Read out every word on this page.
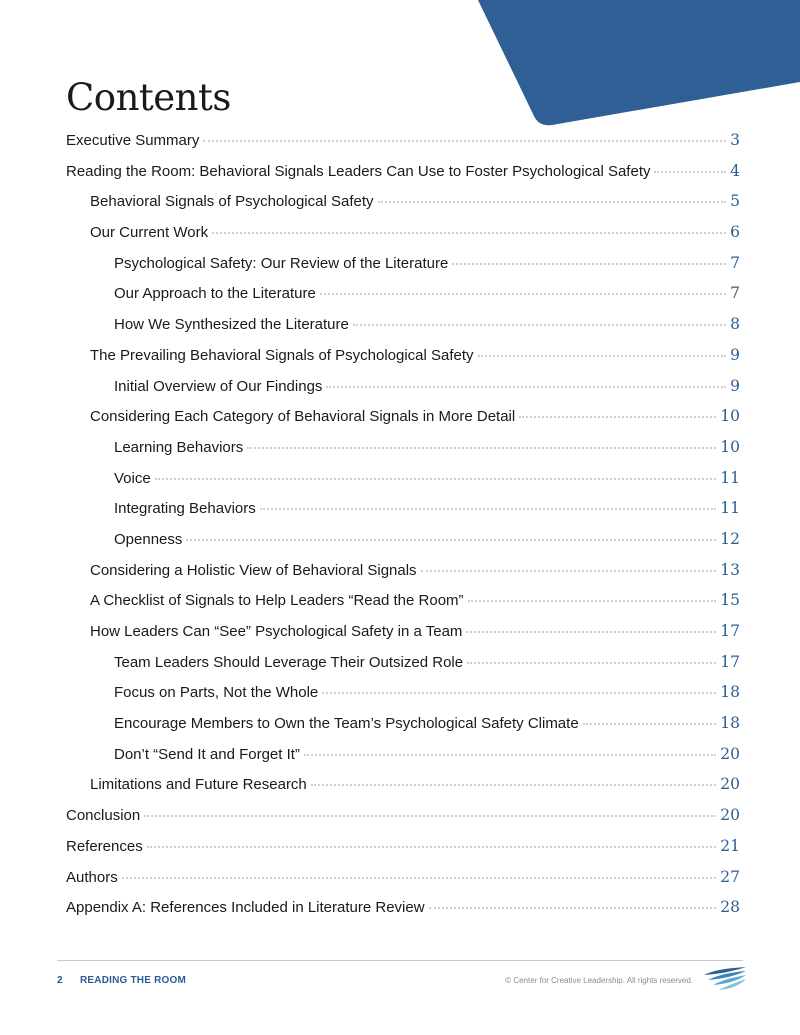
Contents
Executive Summary	3
Reading the Room: Behavioral Signals Leaders Can Use to Foster Psychological Safety	4
Behavioral Signals of Psychological Safety	5
Our Current Work	6
Psychological Safety: Our Review of the Literature	7
Our Approach to the Literature	7
How We Synthesized the Literature	8
The Prevailing Behavioral Signals of Psychological Safety	9
Initial Overview of Our Findings	9
Considering Each Category of Behavioral Signals in More Detail	10
Learning Behaviors	10
Voice	11
Integrating Behaviors	11
Openness	12
Considering a Holistic View of Behavioral Signals	13
A Checklist of Signals to Help Leaders “Read the Room”	15
How Leaders Can “See” Psychological Safety in a Team	17
Team Leaders Should Leverage Their Outsized Role	17
Focus on Parts, Not the Whole	18
Encourage Members to Own the Team’s Psychological Safety Climate	18
Don’t “Send It and Forget It”	20
Limitations and Future Research	20
Conclusion	20
References	21
Authors	27
Appendix A: References Included in Literature Review	28
2 READING THE ROOM	© Center for Creative Leadership. All rights reserved.
